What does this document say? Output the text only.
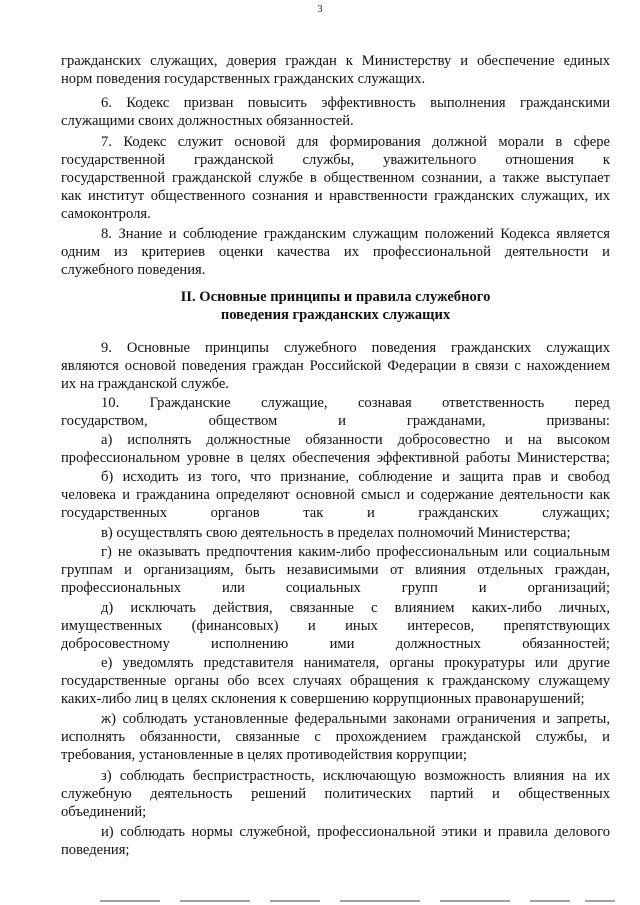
3
гражданских служащих, доверия граждан к Министерству и обеспечение единых
норм поведения государственных гражданских служащих.
6. Кодекс призван повысить эффективность выполнения гражданскими
служащими своих должностных обязанностей.
7. Кодекс служит основой для формирования должной морали в сфере
государственной гражданской службы, уважительного отношения к
государственной гражданской службе в общественном сознании, а также выступает
как институт общественного сознания и нравственности гражданских служащих, их
самоконтроля.
8. Знание и соблюдение гражданским служащим положений Кодекса является
одним из критериев оценки качества их профессиональной деятельности и
служебного поведения.
II. Основные принципы и правила служебного
поведения гражданских служащих
9. Основные принципы служебного поведения гражданских служащих
являются основой поведения граждан Российской Федерации в связи с нахождением
их на гражданской службе.
10. Гражданские служащие, сознавая ответственность перед
государством, обществом и гражданами, призваны:
а) исполнять должностные обязанности добросовестно и на высоком
профессиональном уровне в целях обеспечения эффективной работы Министерства;
б) исходить из того, что признание, соблюдение и защита прав и свобод
человека и гражданина определяют основной смысл и содержание деятельности как
государственных органов так и гражданских служащих;
в) осуществлять свою деятельность в пределах полномочий Министерства;
г) не оказывать предпочтения каким-либо профессиональным или социальным
группам и организациям, быть независимыми от влияния отдельных граждан,
профессиональных или социальных групп и организаций;
д) исключать действия, связанные с влиянием каких-либо личных,
имущественных (финансовых) и иных интересов, препятствующих
добросовестному исполнению ими должностных обязанностей;
е) уведомлять представителя нанимателя, органы прокуратуры или другие
государственные органы обо всех случаях обращения к гражданскому служащему
каких-либо лиц в целях склонения к совершению коррупционных правонарушений;
ж) соблюдать установленные федеральными законами ограничения и запреты,
исполнять обязанности, связанные с прохождением гражданской службы, и
требования, установленные в целях противодействия коррупции;
з) соблюдать беспристрастность, исключающую возможность влияния на их
служебную деятельность решений политических партий и общественных
объединений;
и) соблюдать нормы служебной, профессиональной этики и правила делового
поведения;
